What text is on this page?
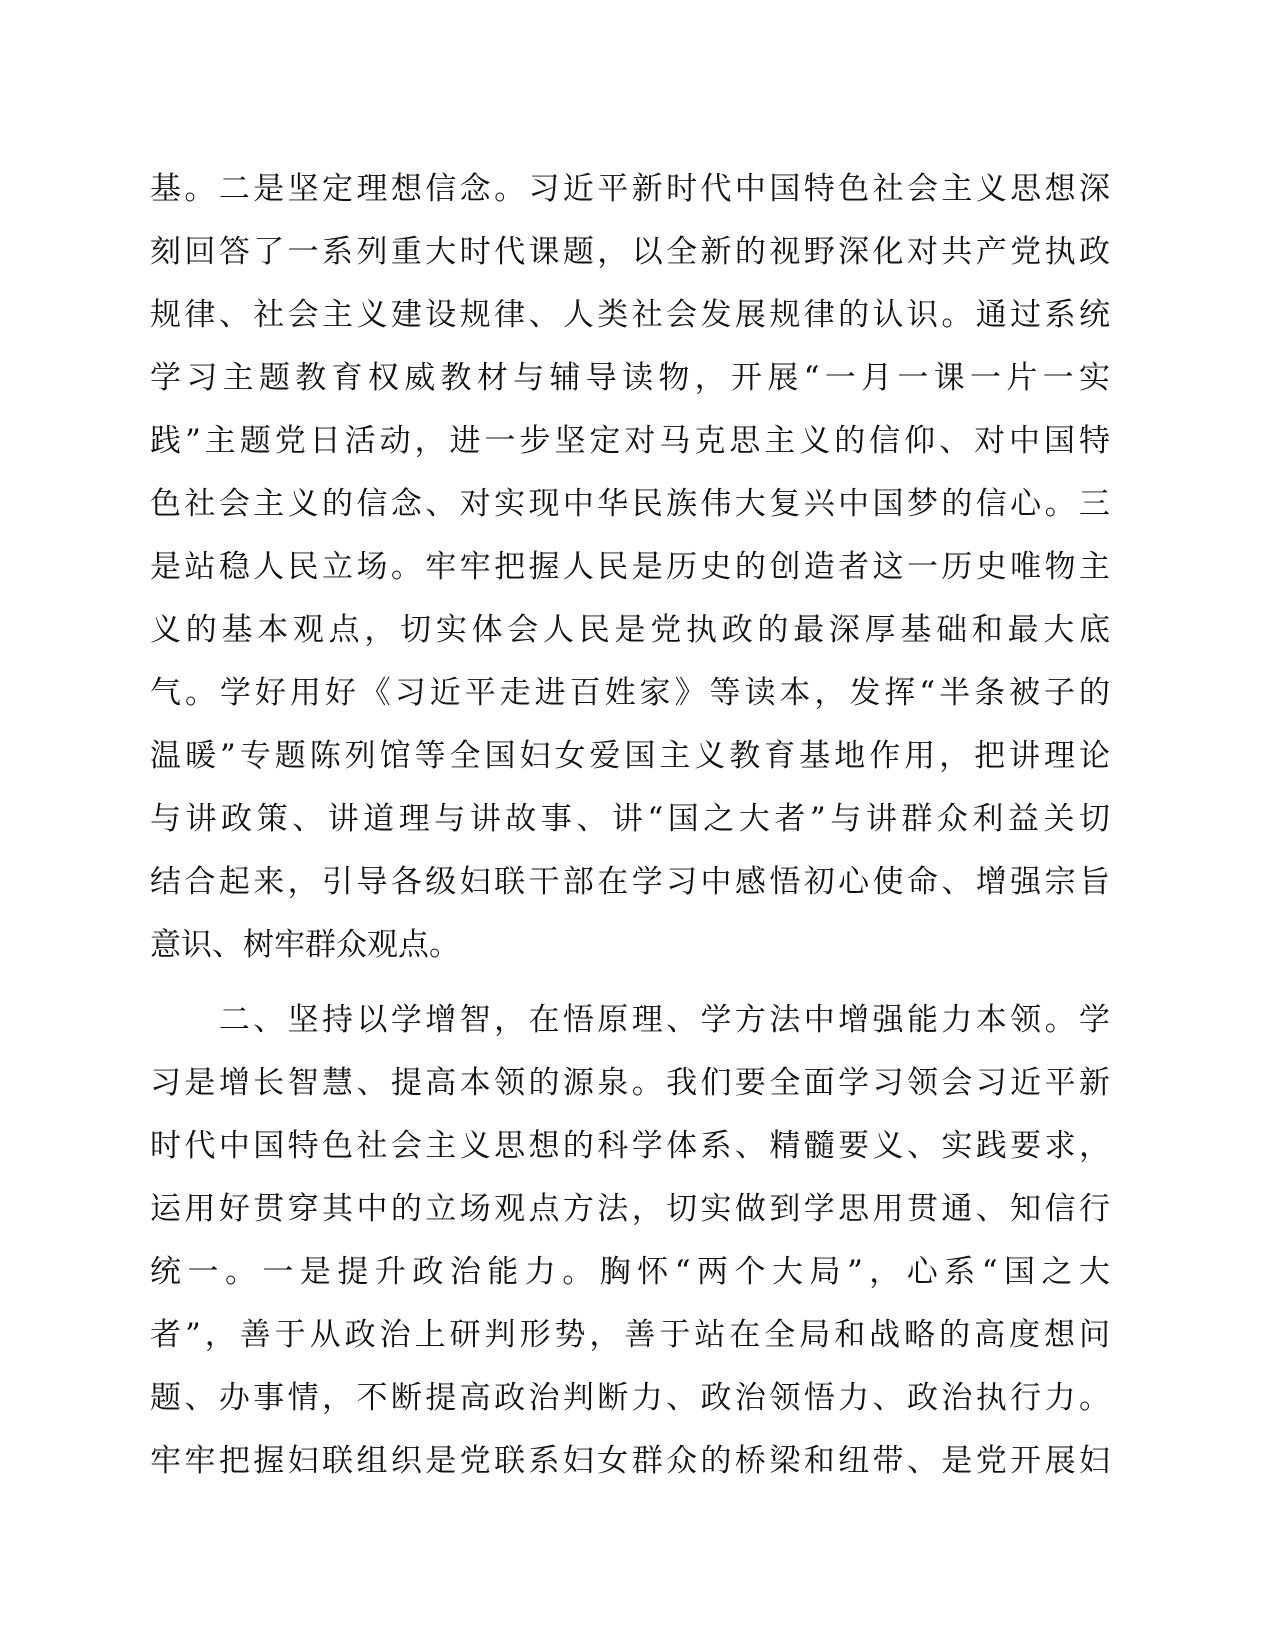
基。二是坚定理想信念。习近平新时代中国特色社会主义思想深
刻回答了一系列重大时代课题，以全新的视野深化对共产党执政
规律、社会主义建设规律、人类社会发展规律的认识。通过系统
学习主题教育权威教材与辅导读物，开展“一月一课一片一实
践”主题党日活动，进一步坚定对马克思主义的信仰、对中国特
色社会主义的信念、对实现中华民族伟大复兴中国梦的信心。三
是站稳人民立场。牢牢把握人民是历史的创造者这一历史唯物主
义的基本观点，切实体会人民是党执政的最深厚基础和最大底
气。学好用好《习近平走进百姓家》等读本，发挥“半条被子的
温暖”专题陈列馆等全国妇女爱国主义教育基地作用，把讲理论
与讲政策、讲道理与讲故事、讲“国之大者”与讲群众利益关切
结合起来，引导各级妇联干部在学习中感悟初心使命、增强宗旨
意识、树牢群众观点。
　　二、坚持以学增智，在悟原理、学方法中增强能力本领。学
习是增长智慧、提高本领的源泉。我们要全面学习领会习近平新
时代中国特色社会主义思想的科学体系、精髓要义、实践要求，
运用好贯穿其中的立场观点方法，切实做到学思用贯通、知信行
统一。一是提升政治能力。胸怀“两个大局”，心系“国之大
者”，善于从政治上研判形势，善于站在全局和战略的高度想问
题、办事情，不断提高政治判断力、政治领悟力、政治执行力。
牢牢把握妇联组织是党联系妇女群众的桥梁和纽带、是党开展妇
